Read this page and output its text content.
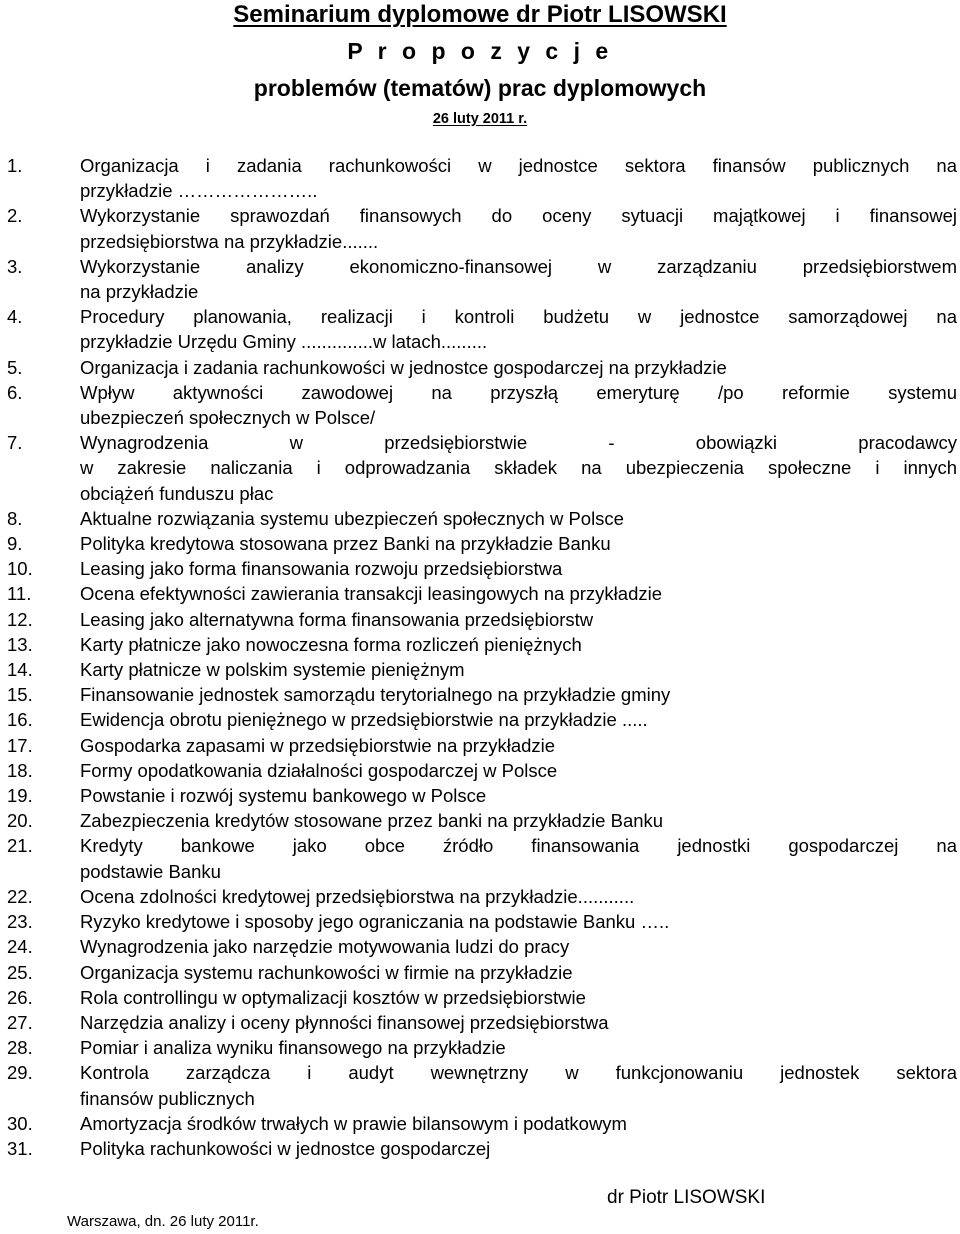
Seminarium dyplomowe dr Piotr LISOWSKI
P r o p o z y c j e
problemów (tematów) prac dyplomowych
26 luty 2011 r.
1.	Organizacja i zadania rachunkowości w jednostce sektora finansów publicznych na
przykładzie …………………..
2.	Wykorzystanie sprawozdań finansowych do oceny sytuacji majątkowej i finansowej
przedsiębiorstwa na przykładzie.......
3.	Wykorzystanie analizy ekonomiczno-finansowej w zarządzaniu przedsiębiorstwem
na przykładzie
4.	Procedury planowania, realizacji i kontroli budżetu w jednostce samorządowej na
przykładzie Urzędu Gminy ..............w latach.........
5.	Organizacja i zadania rachunkowości w jednostce gospodarczej na przykładzie
6.	Wpływ aktywności zawodowej na przyszłą emeryturę /po reformie systemu
ubezpieczeń społecznych w Polsce/
7.	Wynagrodzenia w przedsiębiorstwie - obowiązki pracodawcy
w zakresie naliczania i odprowadzania składek na ubezpieczenia społeczne i innych
obciążeń funduszu płac
8.	Aktualne rozwiązania systemu ubezpieczeń społecznych w Polsce
9.	Polityka kredytowa stosowana przez Banki na przykładzie Banku
10.	Leasing jako forma finansowania rozwoju przedsiębiorstwa
11.	Ocena efektywności zawierania transakcji leasingowych na przykładzie
12.	Leasing jako alternatywna forma finansowania przedsiębiorstw
13.	Karty płatnicze jako nowoczesna forma rozliczeń pieniężnych
14.	Karty płatnicze w polskim systemie pieniężnym
15.	Finansowanie jednostek samorządu terytorialnego na przykładzie gminy
16.	Ewidencja obrotu pieniężnego w przedsiębiorstwie na przykładzie .....
17.	Gospodarka zapasami w przedsiębiorstwie na przykładzie
18.	Formy opodatkowania działalności gospodarczej w Polsce
19.	Powstanie i rozwój systemu bankowego w Polsce
20.	Zabezpieczenia kredytów stosowane przez banki na przykładzie Banku
21.	Kredyty bankowe jako obce źródło finansowania jednostki gospodarczej na
podstawie Banku
22.	Ocena zdolności kredytowej przedsiębiorstwa na przykładzie...........
23.	Ryzyko kredytowe i sposoby jego ograniczania na podstawie Banku …..
24.	Wynagrodzenia jako narzędzie motywowania ludzi do pracy
25.	Organizacja systemu rachunkowości w firmie na przykładzie
26.	Rola controllingu w optymalizacji kosztów w przedsiębiorstwie
27.	Narzędzia analizy i oceny płynności finansowej przedsiębiorstwa
28.	Pomiar i analiza wyniku finansowego na przykładzie
29.	Kontrola zarządcza i audyt wewnętrzny w funkcjonowaniu jednostek sektora
finansów publicznych
30.	Amortyzacja środków trwałych w prawie bilansowym i podatkowym
31.	Polityka rachunkowości w jednostce gospodarczej
dr Piotr LISOWSKI
Warszawa, dn. 26 luty 2011r.
